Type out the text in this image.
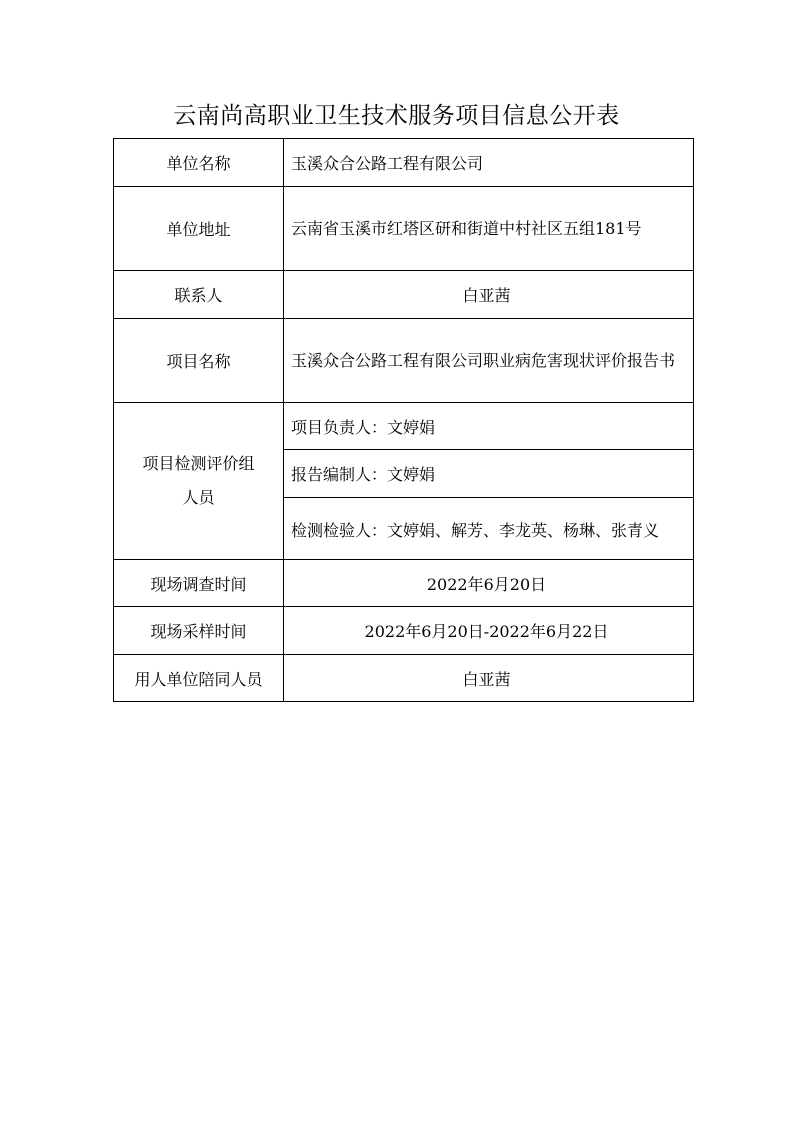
云南尚高职业卫生技术服务项目信息公开表
单位名称	玉溪众合公路工程有限公司
单位地址	云南省玉溪市红塔区研和街道中村社区五组181号
联系人	白亚茜
项目名称	玉溪众合公路工程有限公司职业病危害现状评价报告书

项目检测评价组人员	项目负责人：文婷娟
	报告编制人：文婷娟
	检测检验人：文婷娟、解芳、李龙英、杨琳、张青义
现场调查时间	2022年6月20日
现场采样时间	2022年6月20日-2022年6月22日
用人单位陪同人员	白亚茜
